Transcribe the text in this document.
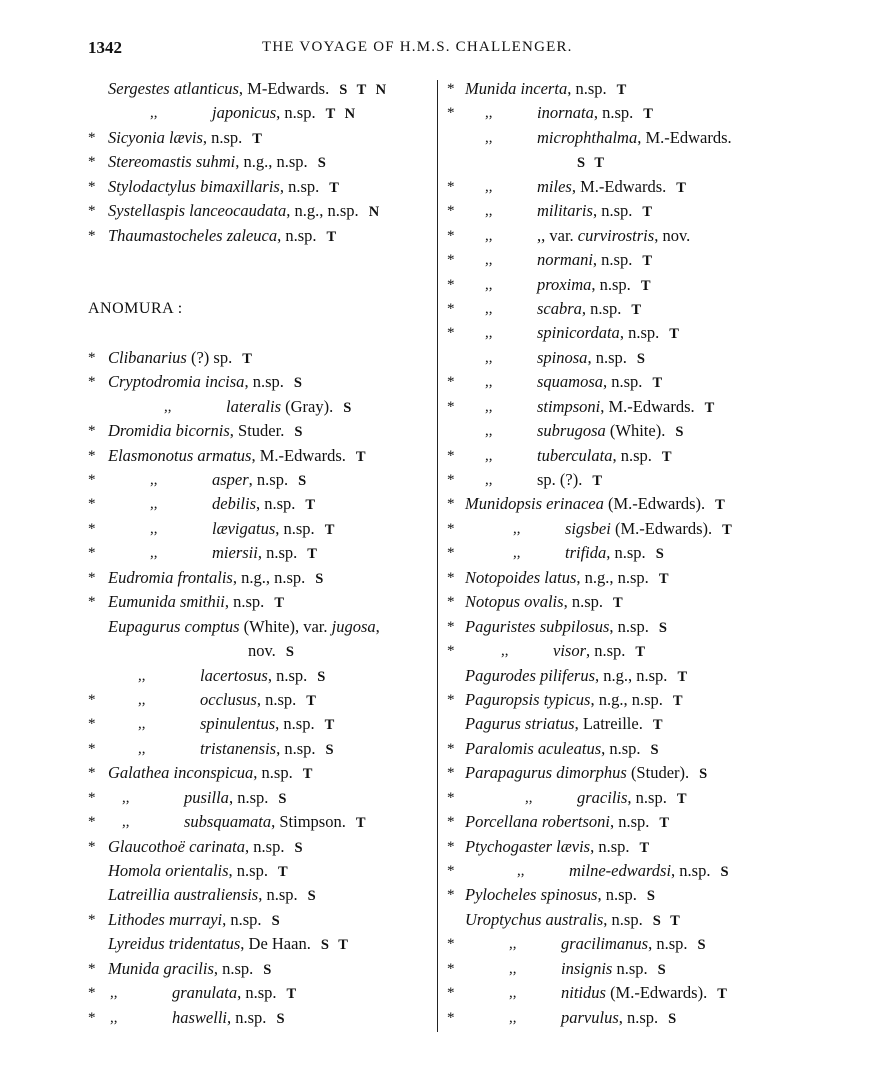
1342	THE VOYAGE OF H.M.S. CHALLENGER.
Sergestes atlanticus, M-Edwards. S T N
,,	japonicus, n.sp. T N
* Sicyonia lævis, n.sp. T
* Stereomastis suhmi, n.g., n.sp. S
* Stylodactylus bimaxillaris, n.sp. T
* Systellaspis lanceocaudata, n.g., n.sp. N
* Thaumastocheles zaleuca, n.sp. T
ANOMURA :
* Clibanarius (?) sp. T
* Cryptodromia incisa, n.sp. S
,,	lateralis (Gray). S
* Dromidia bicornis, Studer. S
* Elasmonotus armatus, M.-Edwards. T
*	,,	asper, n.sp. S
*	,,	debilis, n.sp. T
*	,,	lævigatus, n.sp. T
*	,,	miersii, n.sp. T
* Eudromia frontalis, n.g., n.sp. S
* Eumunida smithii, n.sp. T
Eupagurus comptus (White), var. jugosa,
nov. S
,,	lacertosus, n.sp. S
*	,,	occlusus, n.sp. T
*	,,	spinulentus, n.sp. T
*	,,	tristanensis, n.sp. S
* Galathea inconspicua, n.sp. T
* ,,	pusilla, n.sp. S
* ,,	subsquamata, Stimpson. T
* Glaucothoë carinata, n.sp. S
Homola orientalis, n.sp. T
Latreillia australiensis, n.sp. S
* Lithodes murrayi, n.sp. S
Lyreidus tridentatus, De Haan. S T
* Munida gracilis, n.sp. S
* ,,	granulata, n.sp. T
* ,,	haswelli, n.sp. S
* Munida incerta, n.sp. T
* ,,	inornata, n.sp. T
,,	microphthalma, M.-Edwards.
S T
* ,,	miles, M.-Edwards. T
* ,,	militaris, n.sp. T
* ,,	,, var. curvirostris, nov.
* ,,	normani, n.sp. T
* ,,	proxima, n.sp. T
* ,,	scabra, n.sp. T
* ,,	spinicordata, n.sp. T
,,	spinosa, n.sp. S
* ,,	squamosa, n.sp. T
* ,,	stimpsoni, M.-Edwards. T
,,	subrugosa (White). S
* ,,	tuberculata, n.sp. T
* ,,	sp. (?). T
* Munidopsis erinacea (M.-Edwards). T
*	,,	sigsbei (M.-Edwards). T
*	,,	trifida, n.sp. S
* Notopoides latus, n.g., n.sp. T
* Notopus ovalis, n.sp. T
* Paguristes subpilosus, n.sp. S
*	,,	visor, n.sp. T
Pagurodes piliferus, n.g., n.sp. T
* Paguropsis typicus, n.g., n.sp. T
Pagurus striatus, Latreille. T
* Paralomis aculeatus, n.sp. S
* Parapagurus dimorphus (Studer). S
*	,,	gracilis, n.sp. T
* Porcellana robertsoni, n.sp. T
* Ptychogaster lævis, n.sp. T
*	,,	milne-edwardsi, n.sp. S
* Pylocheles spinosus, n.sp. S
Uroptychus australis, n.sp. S T
*	,,	gracilimanus, n.sp. S
*	,,	insignis n.sp. S
*	,,	nitidus (M.-Edwards). T
*	,,	parvulus, n.sp. S
